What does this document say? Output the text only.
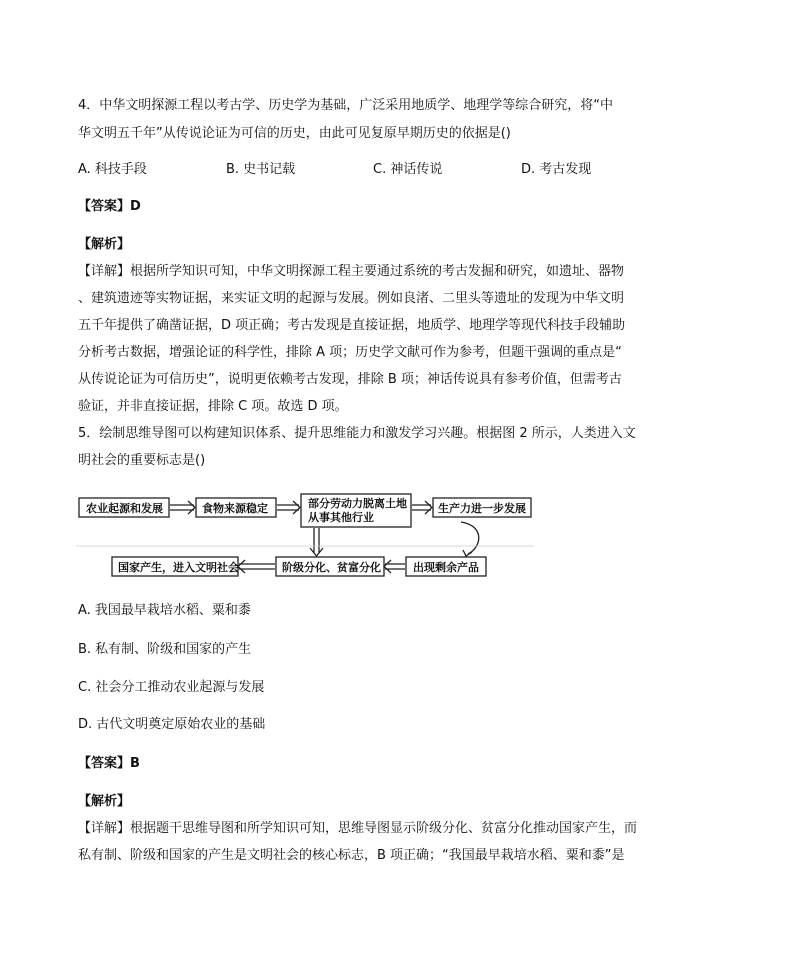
4．中华文明探源工程以考古学、历史学为基础，广泛采用地质学、地理学等综合研究，将“中
华文明五千年”从传说论证为可信的历史，由此可见复原早期历史的依据是()
A. 科技手段	B. 史书记载	C. 神话传说	D. 考古发现
【答案】D
【解析】
【详解】根据所学知识可知，中华文明探源工程主要通过系统的考古发掘和研究，如遗址、器物
、建筑遗迹等实物证据，来实证文明的起源与发展。例如良渚、二里头等遗址的发现为中华文明
五千年提供了确凿证据，D 项正确；考古发现是直接证据，地质学、地理学等现代科技手段辅助
分析考古数据，增强论证的科学性，排除 A 项；历史学文献可作为参考，但题干强调的重点是“
从传说论证为可信历史”，说明更依赖考古发现，排除 B 项；神话传说具有参考价值，但需考古
验证，并非直接证据，排除 C 项。故选 D 项。
5．绘制思维导图可以构建知识体系、提升思维能力和激发学习兴趣。根据图 2 所示，人类进入文
明社会的重要标志是()
农业起源和发展	食物来源稳定	部分劳动力脱离土地
从事其他行业
生产力进一步发展
国家产生，进入文明社会	阶级分化、贫富分化	出现剩余产品
A. 我国最早栽培水稻、粟和黍
B. 私有制、阶级和国家的产生
C. 社会分工推动农业起源与发展
D. 古代文明奠定原始农业的基础
【答案】B
【解析】
【详解】根据题干思维导图和所学知识可知，思维导图显示阶级分化、贫富分化推动国家产生，而
私有制、阶级和国家的产生是文明社会的核心标志，B 项正确；“我国最早栽培水稻、粟和黍”是
